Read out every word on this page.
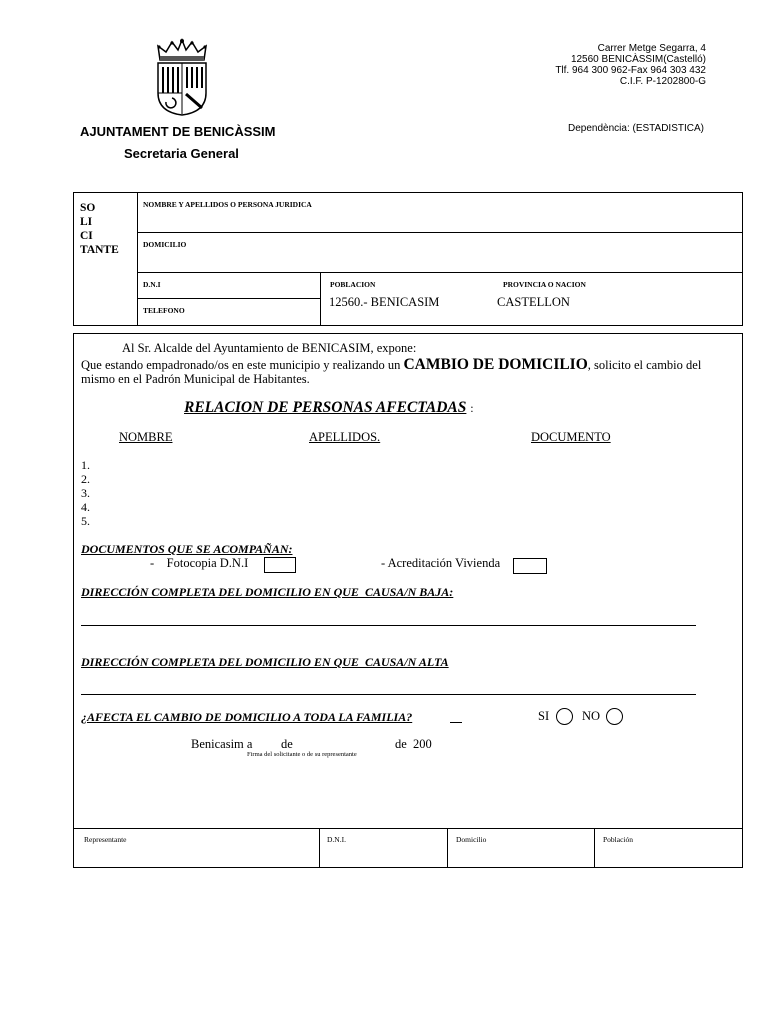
Carrer Metge Segarra, 4
12560 BENICÀSSIM(Castelló)
Tlf. 964 300 962-Fax 964 303 432
C.I.F. P-1202800-G
AJUNTAMENT DE BENICÀSSIM
Secretaria General
Dependència: (ESTADISTICA)
SO
LI
CI
TANTE
NOMBRE Y APELLIDOS O PERSONA JURIDICA
DOMICILIO
D.N.I
TELEFONO
POBLACION	PROVINCIA O NACION
12560.- BENICASIM	CASTELLON
Al Sr. Alcalde del Ayuntamiento de BENICASIM, expone:
Que estando empadronado/os en este municipio y realizando un CAMBIO DE DOMICILIO, solicito el cambio del
mismo en el Padrón Municipal de Habitantes.
RELACION DE PERSONAS AFECTADAS :
NOMBRE	APELLIDOS.	DOCUMENTO
1.
2.
3.
4.
5.
DOCUMENTOS QUE SE ACOMPAÑAN:
-    Fotocopia D.N.I	- Acreditación Vivienda
DIRECCIÓN COMPLETA DEL DOMICILIO EN QUE  CAUSA/N BAJA:
DIRECCIÓN COMPLETA DEL DOMICILIO EN QUE  CAUSA/N ALTA
¿AFECTA EL CAMBIO DE DOMICILIO A TODA LA FAMILIA?	SI	NO
Benicasim a de	de  200
Firma del solicitante o de su representante
Representante	D.N.I.	Domicilio	Población
